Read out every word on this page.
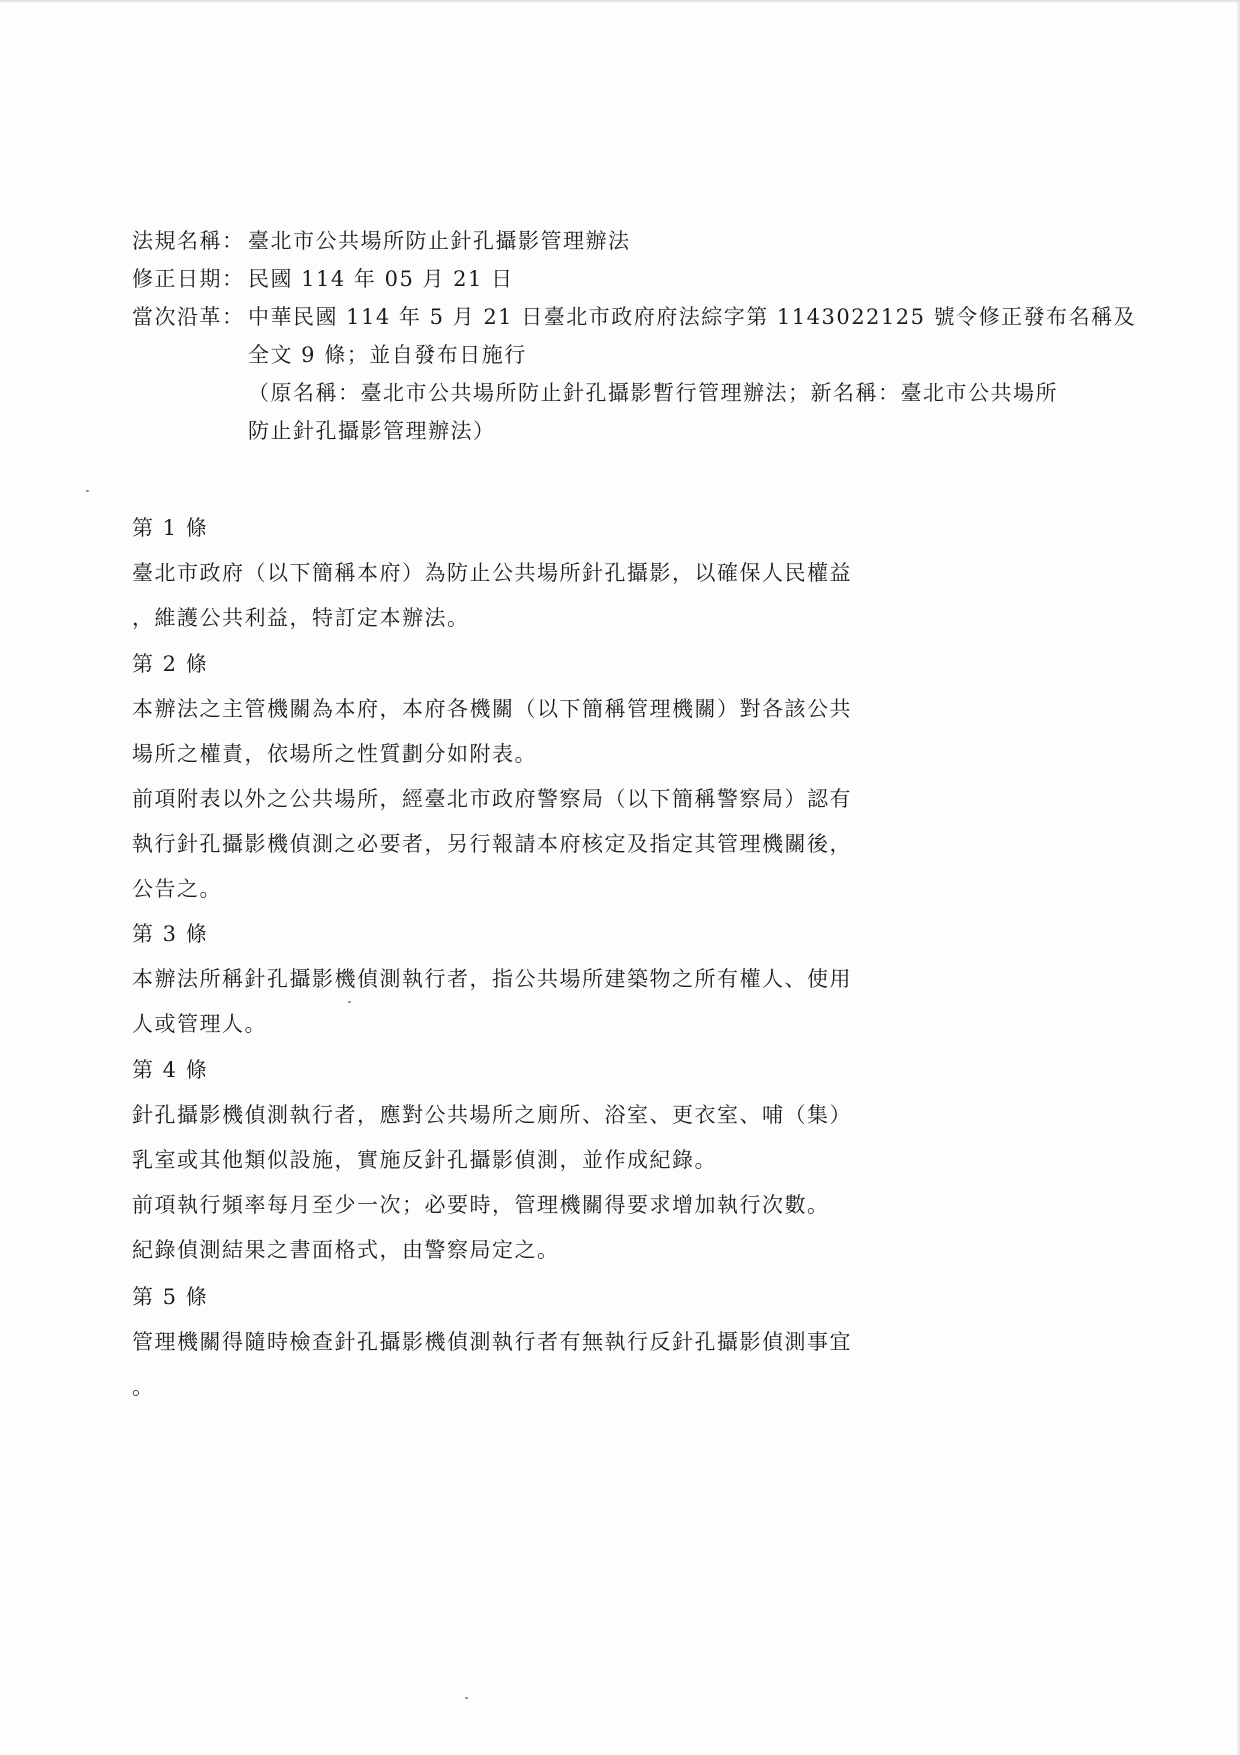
法規名稱： 臺北市公共場所防止針孔攝影管理辦法
修正日期： 民國 114 年 05 月 21 日
當次沿革： 中華民國 114 年 5 月 21 日臺北市政府府法綜字第 1143022125 號令修正發布名稱及
全文 9 條；並自發布日施行
（原名稱：臺北市公共場所防止針孔攝影暫行管理辦法；新名稱：臺北市公共場所
防止針孔攝影管理辦法）
第 1 條
臺北市政府（以下簡稱本府）為防止公共場所針孔攝影，以確保人民權益
，維護公共利益，特訂定本辦法。
第 2 條
本辦法之主管機關為本府，本府各機關（以下簡稱管理機關）對各該公共
場所之權責，依場所之性質劃分如附表。
前項附表以外之公共場所，經臺北市政府警察局（以下簡稱警察局）認有
執行針孔攝影機偵測之必要者，另行報請本府核定及指定其管理機關後，
公告之。
第 3 條
本辦法所稱針孔攝影機偵測執行者，指公共場所建築物之所有權人、使用
人或管理人。
第 4 條
針孔攝影機偵測執行者，應對公共場所之廁所、浴室、更衣室、哺（集）
乳室或其他類似設施，實施反針孔攝影偵測，並作成紀錄。
前項執行頻率每月至少一次；必要時，管理機關得要求增加執行次數。
紀錄偵測結果之書面格式，由警察局定之。
第 5 條
管理機關得隨時檢查針孔攝影機偵測執行者有無執行反針孔攝影偵測事宜
。
